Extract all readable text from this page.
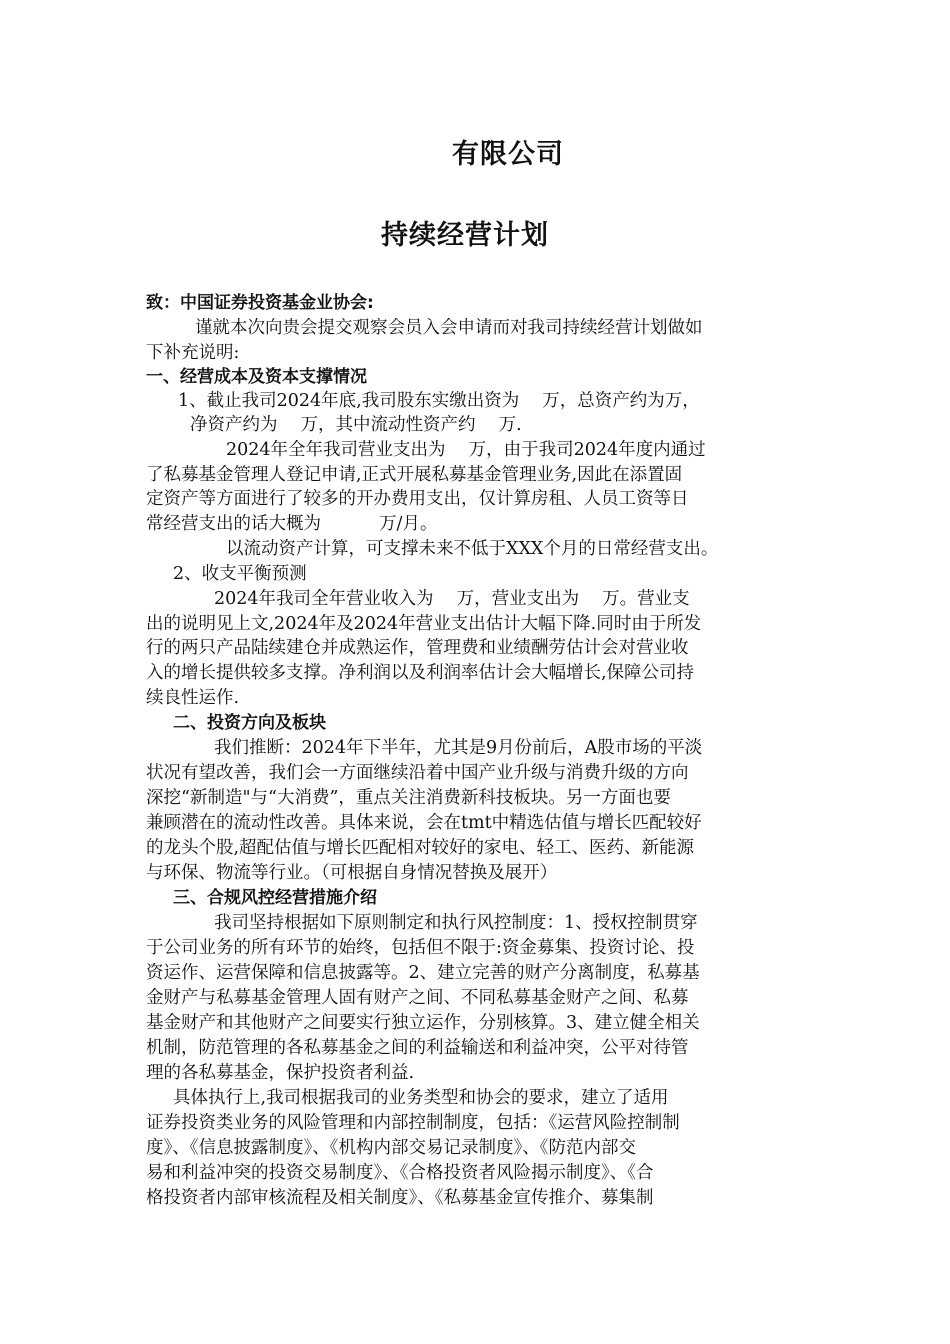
有限公司
持续经营计划
致：中国证券投资基金业协会:
谨就本次向贵会提交观察会员入会申请而对我司持续经营计划做如
下补充说明:
一、经营成本及资本支撑情况
1、截止我司2024年底,我司股东实缴出资为　 万，总资产约为万，
净资产约为　 万，其中流动性资产约　 万.
2024年全年我司营业支出为　 万，由于我司2024年度内通过
了私募基金管理人登记申请,正式开展私募基金管理业务,因此在添置固
定资产等方面进行了较多的开办费用支出，仅计算房租、人员工资等日
常经营支出的话大概为　　　 万/月。
以流动资产计算，可支撑未来不低于XXX个月的日常经营支出。
2、收支平衡预测
2024年我司全年营业收入为　 万，营业支出为　 万。营业支
出的说明见上文,2024年及2024年营业支出估计大幅下降.同时由于所发
行的两只产品陆续建仓并成熟运作，管理费和业绩酬劳估计会对营业收
入的增长提供较多支撑。净利润以及利润率估计会大幅增长,保障公司持
续良性运作.
二、投资方向及板块
我们推断：2024年下半年，尤其是9月份前后，A股市场的平淡
状况有望改善，我们会一方面继续沿着中国产业升级与消费升级的方向
深挖“新制造"与“大消费”，重点关注消费新科技板块。另一方面也要
兼顾潜在的流动性改善。具体来说，会在tmt中精选估值与增长匹配较好
的龙头个股,超配估值与增长匹配相对较好的家电、轻工、医药、新能源
与环保、物流等行业。（可根据自身情况替换及展开）
三、合规风控经营措施介绍
我司坚持根据如下原则制定和执行风控制度：1、授权控制贯穿
于公司业务的所有环节的始终，包括但不限于:资金募集、投资讨论、投
资运作、运营保障和信息披露等。2、建立完善的财产分离制度，私募基
金财产与私募基金管理人固有财产之间、不同私募基金财产之间、私募
基金财产和其他财产之间要实行独立运作，分别核算。3、建立健全相关
机制，防范管理的各私募基金之间的利益输送和利益冲突，公平对待管
理的各私募基金，保护投资者利益.
具体执行上,我司根据我司的业务类型和协会的要求，建立了适用
证券投资类业务的风险管理和内部控制制度，包括：《运营风险控制制
度》、《信息披露制度》、《机构内部交易记录制度》、《防范内部交
易和利益冲突的投资交易制度》、《合格投资者风险揭示制度》、《合
格投资者内部审核流程及相关制度》、《私募基金宣传推介、募集制
